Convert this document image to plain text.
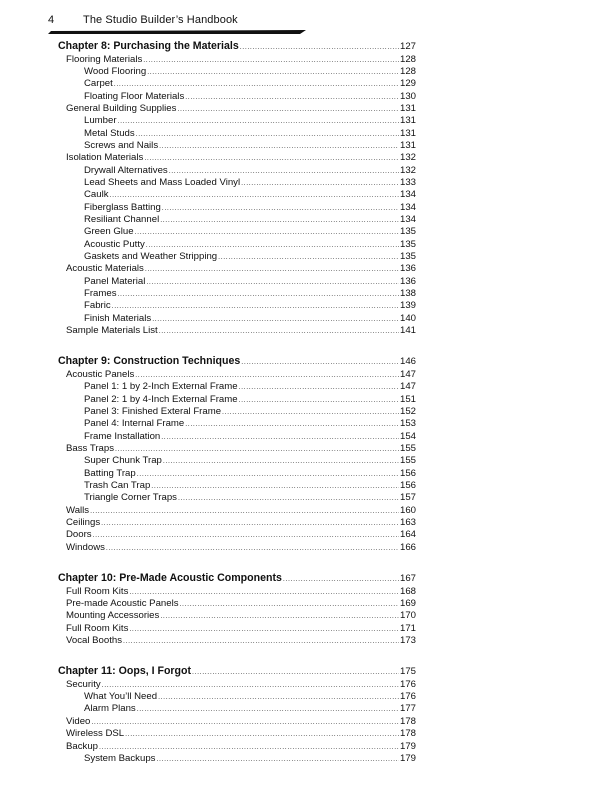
4	The Studio Builder’s Handbook
Chapter 8: Purchasing the Materials .....	127
Flooring Materials .....	128
Wood Flooring .....	128
Carpet .....	129
Floating Floor Materials .....	130
General Building Supplies .....	131
Lumber .....	131
Metal Studs .....	131
Screws and Nails .....	131
Isolation Materials .....	132
Drywall Alternatives .....	132
Lead Sheets and Mass Loaded Vinyl .....	133
Caulk .....	134
Fiberglass Batting .....	134
Resiliant Channel .....	134
Green Glue .....	135
Acoustic Putty .....	135
Gaskets and Weather Stripping .....	135
Acoustic Materials .....	136
Panel Material .....	136
Frames .....	138
Fabric .....	139
Finish Materials .....	140
Sample Materials List .....	141
Chapter 9: Construction Techniques .....	146
Acoustic Panels .....	147
Panel 1: 1 by 2-Inch External Frame .....	147
Panel 2: 1 by 4-Inch External Frame .....	151
Panel 3: Finished Exteral Frame .....	152
Panel 4: Internal Frame .....	153
Frame Installation .....	154
Bass Traps .....	155
Super Chunk Trap .....	155
Batting Trap .....	156
Trash Can Trap .....	156
Triangle Corner Traps .....	157
Walls .....	160
Ceilings .....	163
Doors .....	164
Windows .....	166
Chapter 10: Pre-Made Acoustic Components .....	167
Full Room Kits .....	168
Pre-made Acoustic Panels .....	169
Mounting Accessories .....	170
Full Room Kits .....	171
Vocal Booths .....	173
Chapter 11: Oops, I Forgot .....	175
Security .....	176
What You’ll Need .....	176
Alarm Plans .....	177
Video .....	178
Wireless DSL .....	178
Backup .....	179
System Backups .....	179
